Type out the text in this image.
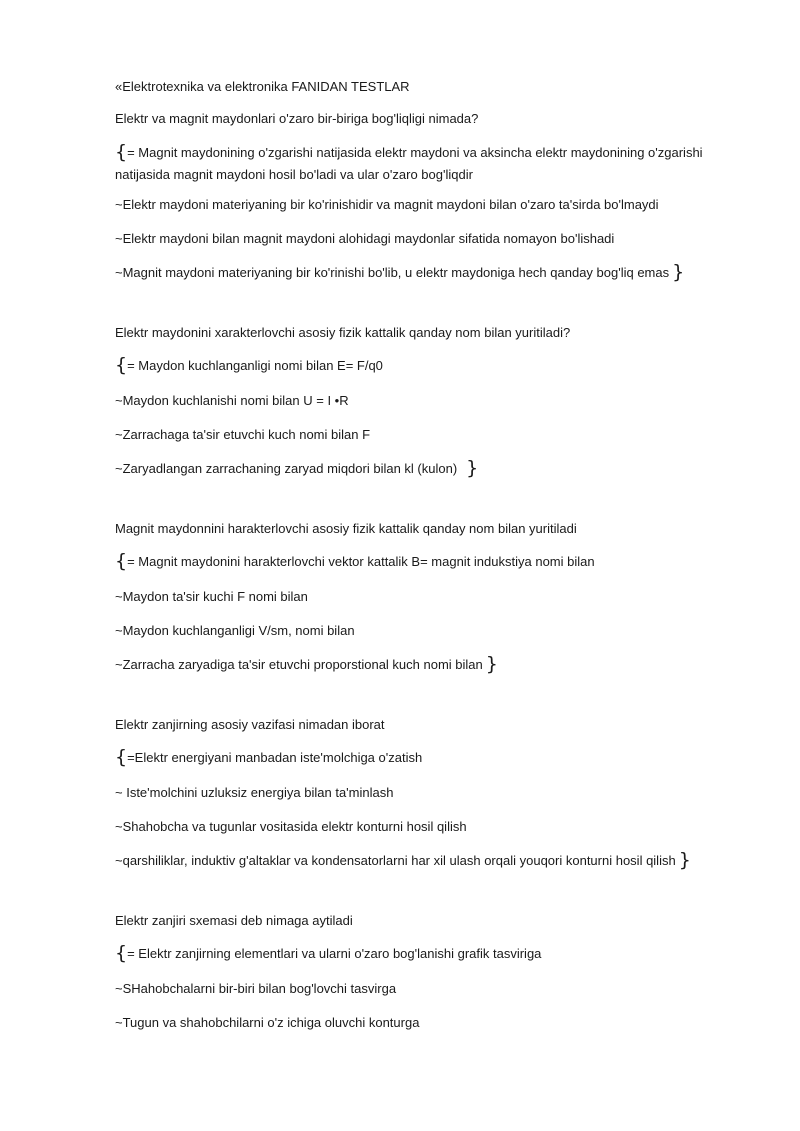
«Elektrotexnika va elektronika FANIDAN TESTLAR
Elektr va magnit maydonlari o'zaro bir-biriga bog'liqligi nimada?
{= Magnit maydonining o'zgarishi natijasida elektr maydoni va aksincha elektr maydonining o'zgarishi natijasida magnit maydoni hosil bo'ladi va ular o'zaro bog'liqdir
~Elektr maydoni materiyaning bir ko'rinishidir va magnit maydoni bilan o'zaro ta'sirda bo'lmaydi
~Elektr maydoni bilan magnit maydoni alohidagi maydonlar sifatida nomayon bo'lishadi
~Magnit maydoni materiyaning bir ko'rinishi bo'lib, u elektr maydoniga hech qanday bog'liq emas }
Elektr maydonini xarakterlovchi asosiy fizik kattalik qanday nom bilan yuritiladi?
{= Maydon kuchlanganligi nomi bilan E= F/q0
~Maydon kuchlanishi nomi bilan U = I •R
~Zarrachaga ta'sir etuvchi kuch nomi bilan F
~Zaryadlangan zarrachaning zaryad miqdori bilan kl (kulon) }
Magnit maydonnini harakterlovchi asosiy fizik kattalik qanday nom bilan yuritiladi
{= Magnit maydonini harakterlovchi vektor kattalik B= magnit indukstiya nomi bilan
~Maydon ta'sir kuchi F nomi bilan
~Maydon kuchlanganligi V/sm, nomi bilan
~Zarracha zaryadiga ta'sir etuvchi proporstional kuch nomi bilan }
Elektr zanjirning asosiy vazifasi nimadan iborat
{=Elektr energiyani manbadan iste'molchiga o'zatish
~ Iste'molchini uzluksiz energiya bilan ta'minlash
~Shahobcha va tugunlar vositasida elektr konturni hosil qilish
~qarshiliklar, induktiv g'altaklar va kondensatorlarni har xil ulash orqali youqori konturni hosil qilish }
Elektr zanjiri sxemasi deb nimaga aytiladi
{= Elektr zanjirning elementlari va ularni o'zaro bog'lanishi grafik tasviriga
~SHahobchalarni bir-biri bilan bog'lovchi tasvirga
~Tugun va shahobchilarni o'z ichiga oluvchi konturga
